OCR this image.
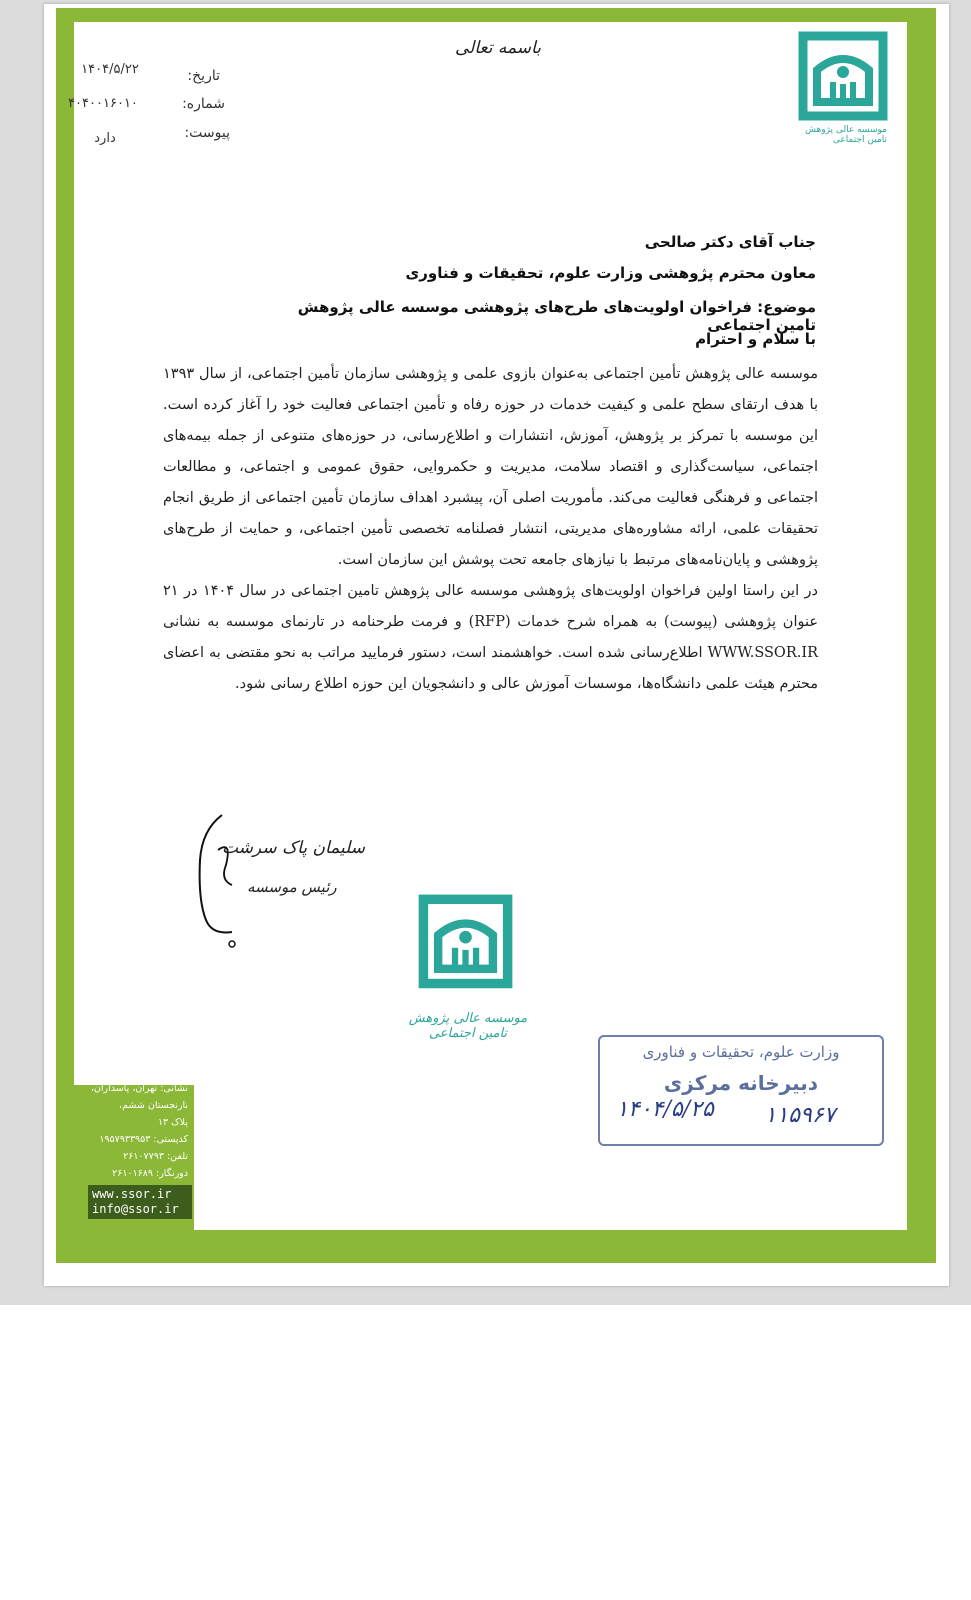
موسسه عالی پژوهش تامین اجتماعی
باسمه تعالی
تاریخ:
۱۴۰۴/۵/۲۲
شماره:
۴۰۴۰۰۱۶۰۱۰
پیوست:
دارد
جناب آقای دکتر صالحی
معاون محترم پژوهشی وزارت علوم، تحقیقات و فناوری
موضوع: فراخوان اولویت‌های طرح‌های پژوهشی موسسه عالی پژوهش تامین اجتماعی
با سلام و احترام

موسسه عالی پژوهش تأمین اجتماعی به‌عنوان بازوی علمی و پژوهشی سازمان تأمین اجتماعی، از سال ۱۳۹۳ با هدف ارتقای سطح علمی و کیفیت خدمات در حوزه رفاه و تأمین اجتماعی فعالیت خود را آغاز کرده است. این موسسه با تمرکز بر پژوهش، آموزش، انتشارات و اطلاع‌رسانی، در حوزه‌های متنوعی از جمله بیمه‌های اجتماعی، سیاست‌گذاری و اقتصاد سلامت، مدیریت و حکمروایی، حقوق عمومی و اجتماعی، و مطالعات اجتماعی و فرهنگی فعالیت می‌کند. مأموریت اصلی آن، پیشبرد اهداف سازمان تأمین اجتماعی از طریق انجام تحقیقات علمی، ارائه مشاوره‌های مدیریتی، انتشار فصلنامه تخصصی تأمین اجتماعی، و حمایت از طرح‌های پژوهشی و پایان‌نامه‌های مرتبط با نیازهای جامعه تحت پوشش این سازمان است.

در این راستا اولین فراخوان اولویت‌های پژوهشی موسسه عالی پژوهش تامین اجتماعی در سال ۱۴۰۴ در ۲۱ عنوان پژوهشی (پیوست) به همراه شرح خدمات (RFP) و فرمت طرحنامه در تارنمای موسسه به نشانی WWW.SSOR.IR اطلاع‌رسانی شده است. خواهشمند است، دستور فرمایید مراتب به نحو مقتضی به اعضای محترم هیئت علمی دانشگاه‌ها، موسسات آموزش عالی و دانشجویان این حوزه اطلاع رسانی شود.

سلیمان پاک سرشت
رئیس موسسه
موسسه عالی پژوهش تامین اجتماعی
وزارت علوم، تحقیقات و فناوری
دبیرخانه مرکزی
۱۱۵۹۶۷
۱۴۰۴/۵/۲۵
نشانی: تهران، پاسداران،
نارنجستان ششم،
پلاک ۱۳
کدپستی: ۱۹۵۷۹۳۳۹۵۳
تلفن: ۲۶۱۰۷۷۹۳
دورنگار: ۲۶۱۰۱۶۸۹
www.ssor.ir
info@ssor.ir
